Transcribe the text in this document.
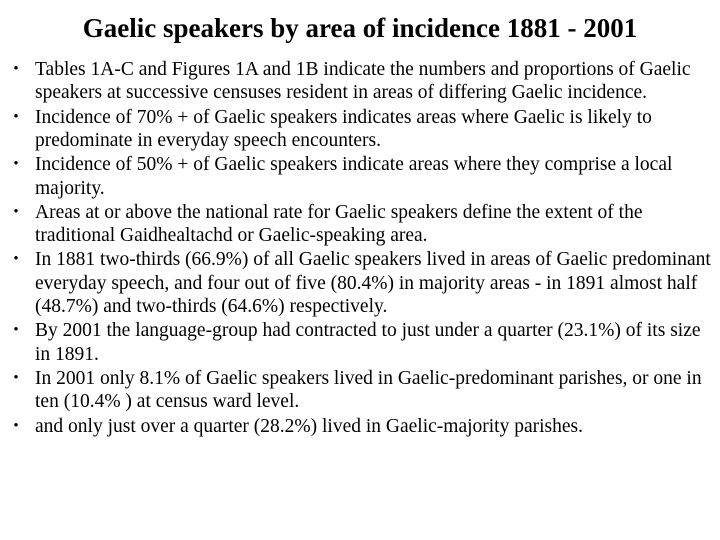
Gaelic speakers by area of incidence 1881 - 2001
• Tables 1A-C and Figures 1A and 1B indicate the numbers and proportions of Gaelic speakers at successive censuses resident in areas of differing Gaelic incidence.
• Incidence of 70% + of Gaelic speakers indicates areas where Gaelic is likely to predominate in everyday speech encounters.
• Incidence of 50% + of Gaelic speakers indicate areas where they comprise a local majority.
• Areas at or above the national rate for Gaelic speakers define the extent of the traditional Gaidhealtachd or Gaelic-speaking area.
• In 1881 two-thirds (66.9%) of all Gaelic speakers lived in areas of Gaelic predominant everyday speech, and four out of five (80.4%) in majority areas - in 1891 almost half (48.7%) and two-thirds (64.6%) respectively.
• By 2001 the language-group had contracted to just under a quarter (23.1%) of its size in 1891.
• In 2001 only 8.1% of Gaelic speakers lived in Gaelic-predominant parishes, or one in ten (10.4% ) at census ward level.
• and only just over a quarter (28.2%) lived in Gaelic-majority parishes.
